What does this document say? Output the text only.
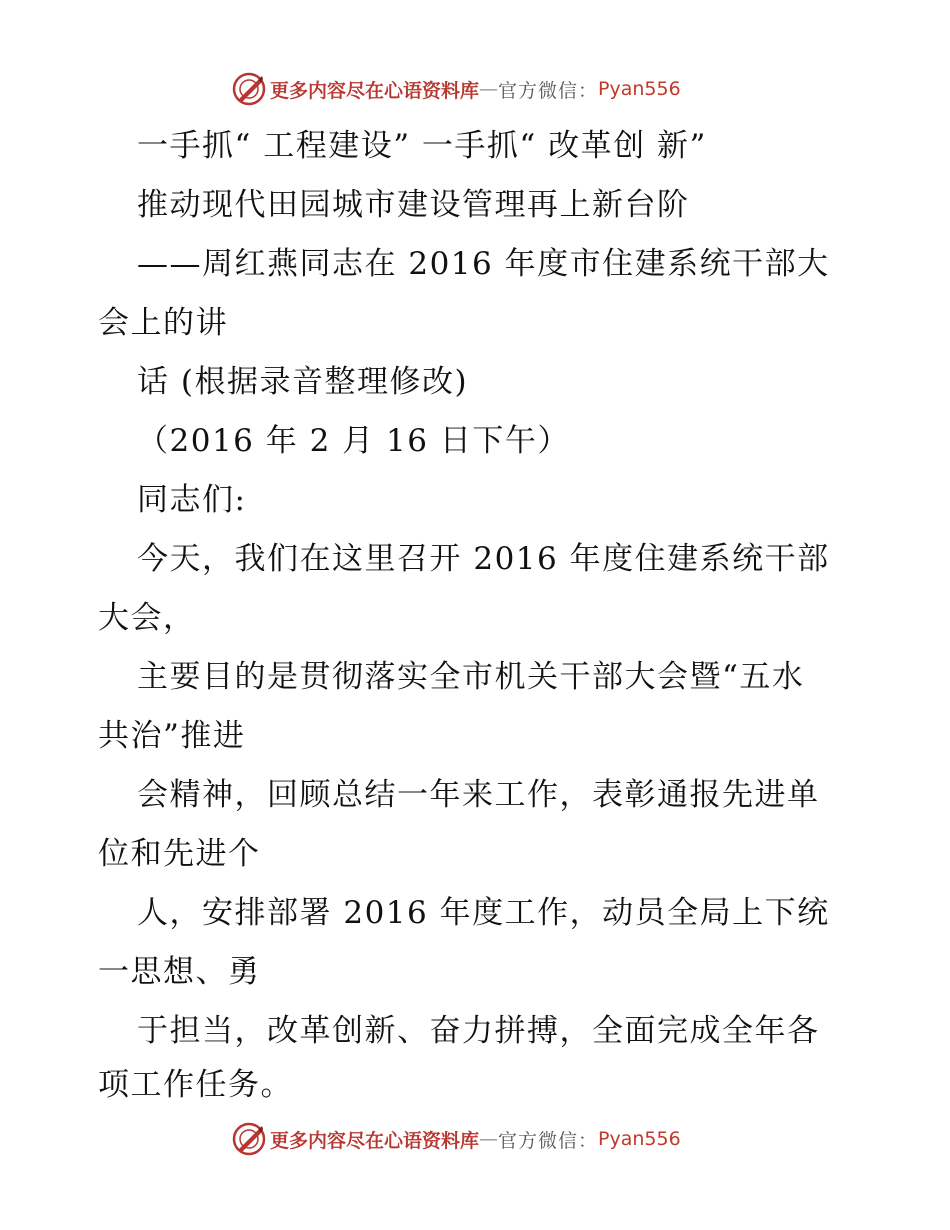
更多内容尽在心语资料库 — 官方微信： Pyan556
一手抓“ 工程建设” 一手抓“ 改革创 新”
推动现代田园城市建设管理再上新台阶
——周红燕同志在 2016 年度市住建系统干部大
会上的讲
话 (根据录音整理修改)
（2016 年 2 月 16 日下午）
同志们:
今天，我们在这里召开 2016 年度住建系统干部
大会，
主要目的是贯彻落实全市机关干部大会暨“五水
共治”推进
会精神，回顾总结一年来工作，表彰通报先进单
位和先进个
人，安排部署 2016 年度工作，动员全局上下统
一思想、勇
于担当，改革创新、奋力拼搏，全面完成全年各
项工作任务。
更多内容尽在心语资料库 — 官方微信： Pyan556
